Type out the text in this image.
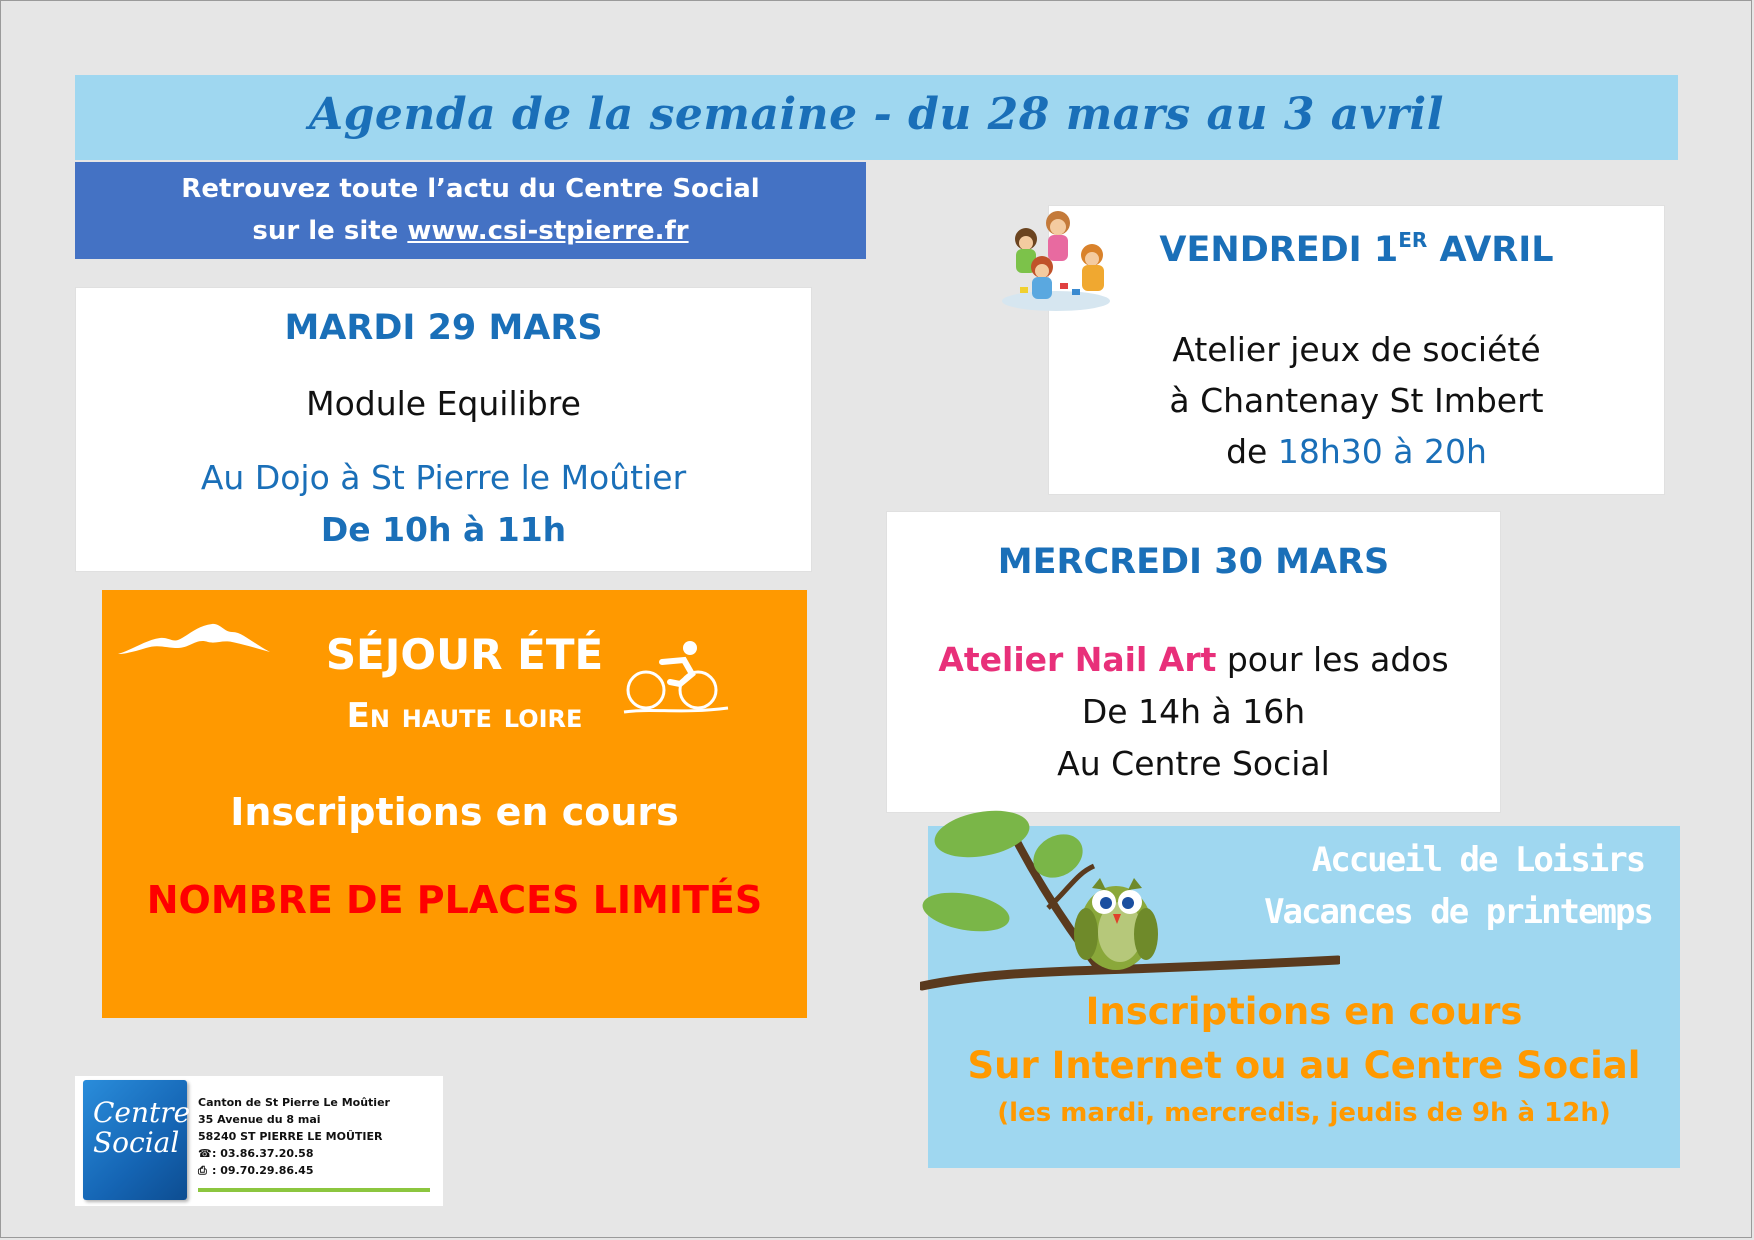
Agenda de la semaine - du 28 mars au 3 avril
Retrouvez toute l’actu du Centre Social
sur le site www.csi-stpierre.fr
MARDI 29 MARS
Module Equilibre
Au Dojo à St Pierre le Moûtier
De 10h à 11h
SÉJOUR ÉTÉ
En haute loire
Inscriptions en cours
NOMBRE DE PLACES LIMITÉS
VENDREDI 1ER AVRIL
Atelier jeux de société
à Chantenay St Imbert
de 18h30 à 20h
MERCREDI 30 MARS
Atelier Nail Art pour les ados
De 14h à 16h
Au Centre Social
Accueil de Loisirs
Vacances de printemps
Inscriptions en cours
Sur Internet ou au Centre Social
(les mardi, mercredis, jeudis de 9h à 12h)
Centre
Social
Canton de St Pierre Le Moûtier
35 Avenue du 8 mai
58240 ST PIERRE LE MOÛTIER
☎: 03.86.37.20.58
⎙ : 09.70.29.86.45
